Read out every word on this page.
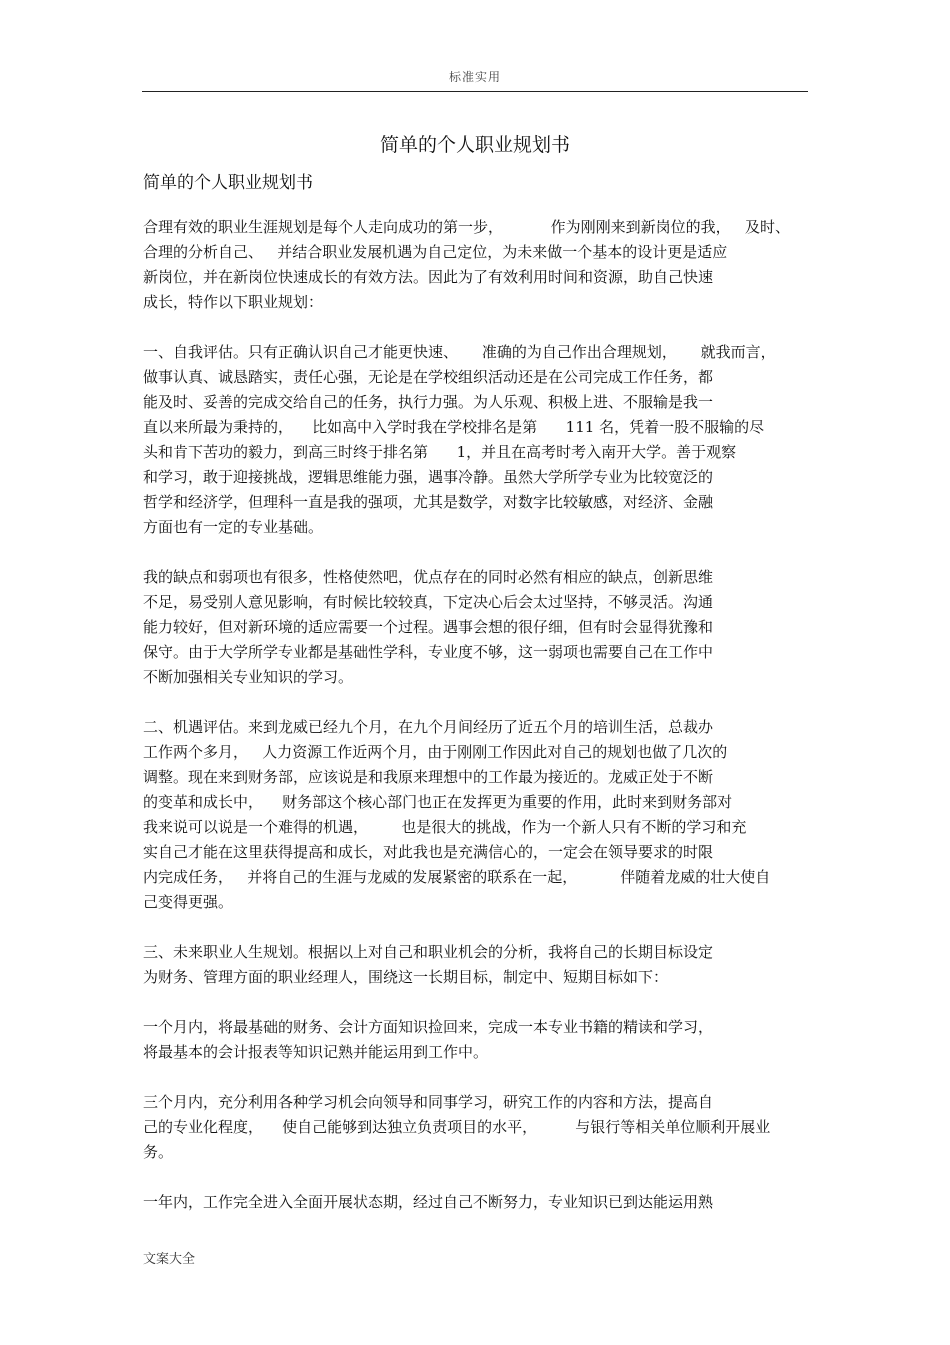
标准实用
简单的个人职业规划书
简单的个人职业规划书
合理有效的职业生涯规划是每个人走向成功的第一步，          作为刚刚来到新岗位的我，   及时、
合理的分析自己、   并结合职业发展机遇为自己定位，为未来做一个基本的设计更是适应
新岗位，并在新岗位快速成长的有效方法。因此为了有效利用时间和资源，助自己快速
成长，特作以下职业规划：
一、自我评估。只有正确认识自己才能更快速、     准确的为自己作出合理规划，     就我而言，
做事认真、诚恳踏实，责任心强，无论是在学校组织活动还是在公司完成工作任务，都
能及时、妥善的完成交给自己的任务，执行力强。为人乐观、积极上进、不服输是我一
直以来所最为秉持的，    比如高中入学时我在学校排名是第      111 名，凭着一股不服输的尽
头和肯下苦功的毅力，到高三时终于排名第      1，并且在高考时考入南开大学。善于观察
和学习，敢于迎接挑战，逻辑思维能力强，遇事冷静。虽然大学所学专业为比较宽泛的
哲学和经济学，但理科一直是我的强项，尤其是数学，对数字比较敏感，对经济、金融
方面也有一定的专业基础。
我的缺点和弱项也有很多，性格使然吧，优点存在的同时必然有相应的缺点，创新思维
不足，易受别人意见影响，有时候比较较真，下定决心后会太过坚持，不够灵活。沟通
能力较好，但对新环境的适应需要一个过程。遇事会想的很仔细，但有时会显得犹豫和
保守。由于大学所学专业都是基础性学科，专业度不够，这一弱项也需要自己在工作中
不断加强相关专业知识的学习。
二、机遇评估。来到龙威已经九个月，在九个月间经历了近五个月的培训生活，总裁办
工作两个多月，   人力资源工作近两个月，由于刚刚工作因此对自己的规划也做了几次的
调整。现在来到财务部，应该说是和我原来理想中的工作最为接近的。龙威正处于不断
的变革和成长中，    财务部这个核心部门也正在发挥更为重要的作用，此时来到财务部对
我来说可以说是一个难得的机遇，       也是很大的挑战，作为一个新人只有不断的学习和充
实自己才能在这里获得提高和成长，对此我也是充满信心的，一定会在领导要求的时限
内完成任务，   并将自己的生涯与龙威的发展紧密的联系在一起，         伴随着龙威的壮大使自
己变得更强。
三、未来职业人生规划。根据以上对自己和职业机会的分析，我将自己的长期目标设定
为财务、管理方面的职业经理人，围绕这一长期目标，制定中、短期目标如下：
一个月内，将最基础的财务、会计方面知识捡回来，完成一本专业书籍的精读和学习，
将最基本的会计报表等知识记熟并能运用到工作中。
三个月内，充分利用各种学习机会向领导和同事学习，研究工作的内容和方法，提高自
己的专业化程度，    使自己能够到达独立负责项目的水平，        与银行等相关单位顺利开展业
务。
一年内，工作完全进入全面开展状态期，经过自己不断努力，专业知识已到达能运用熟
文案大全
